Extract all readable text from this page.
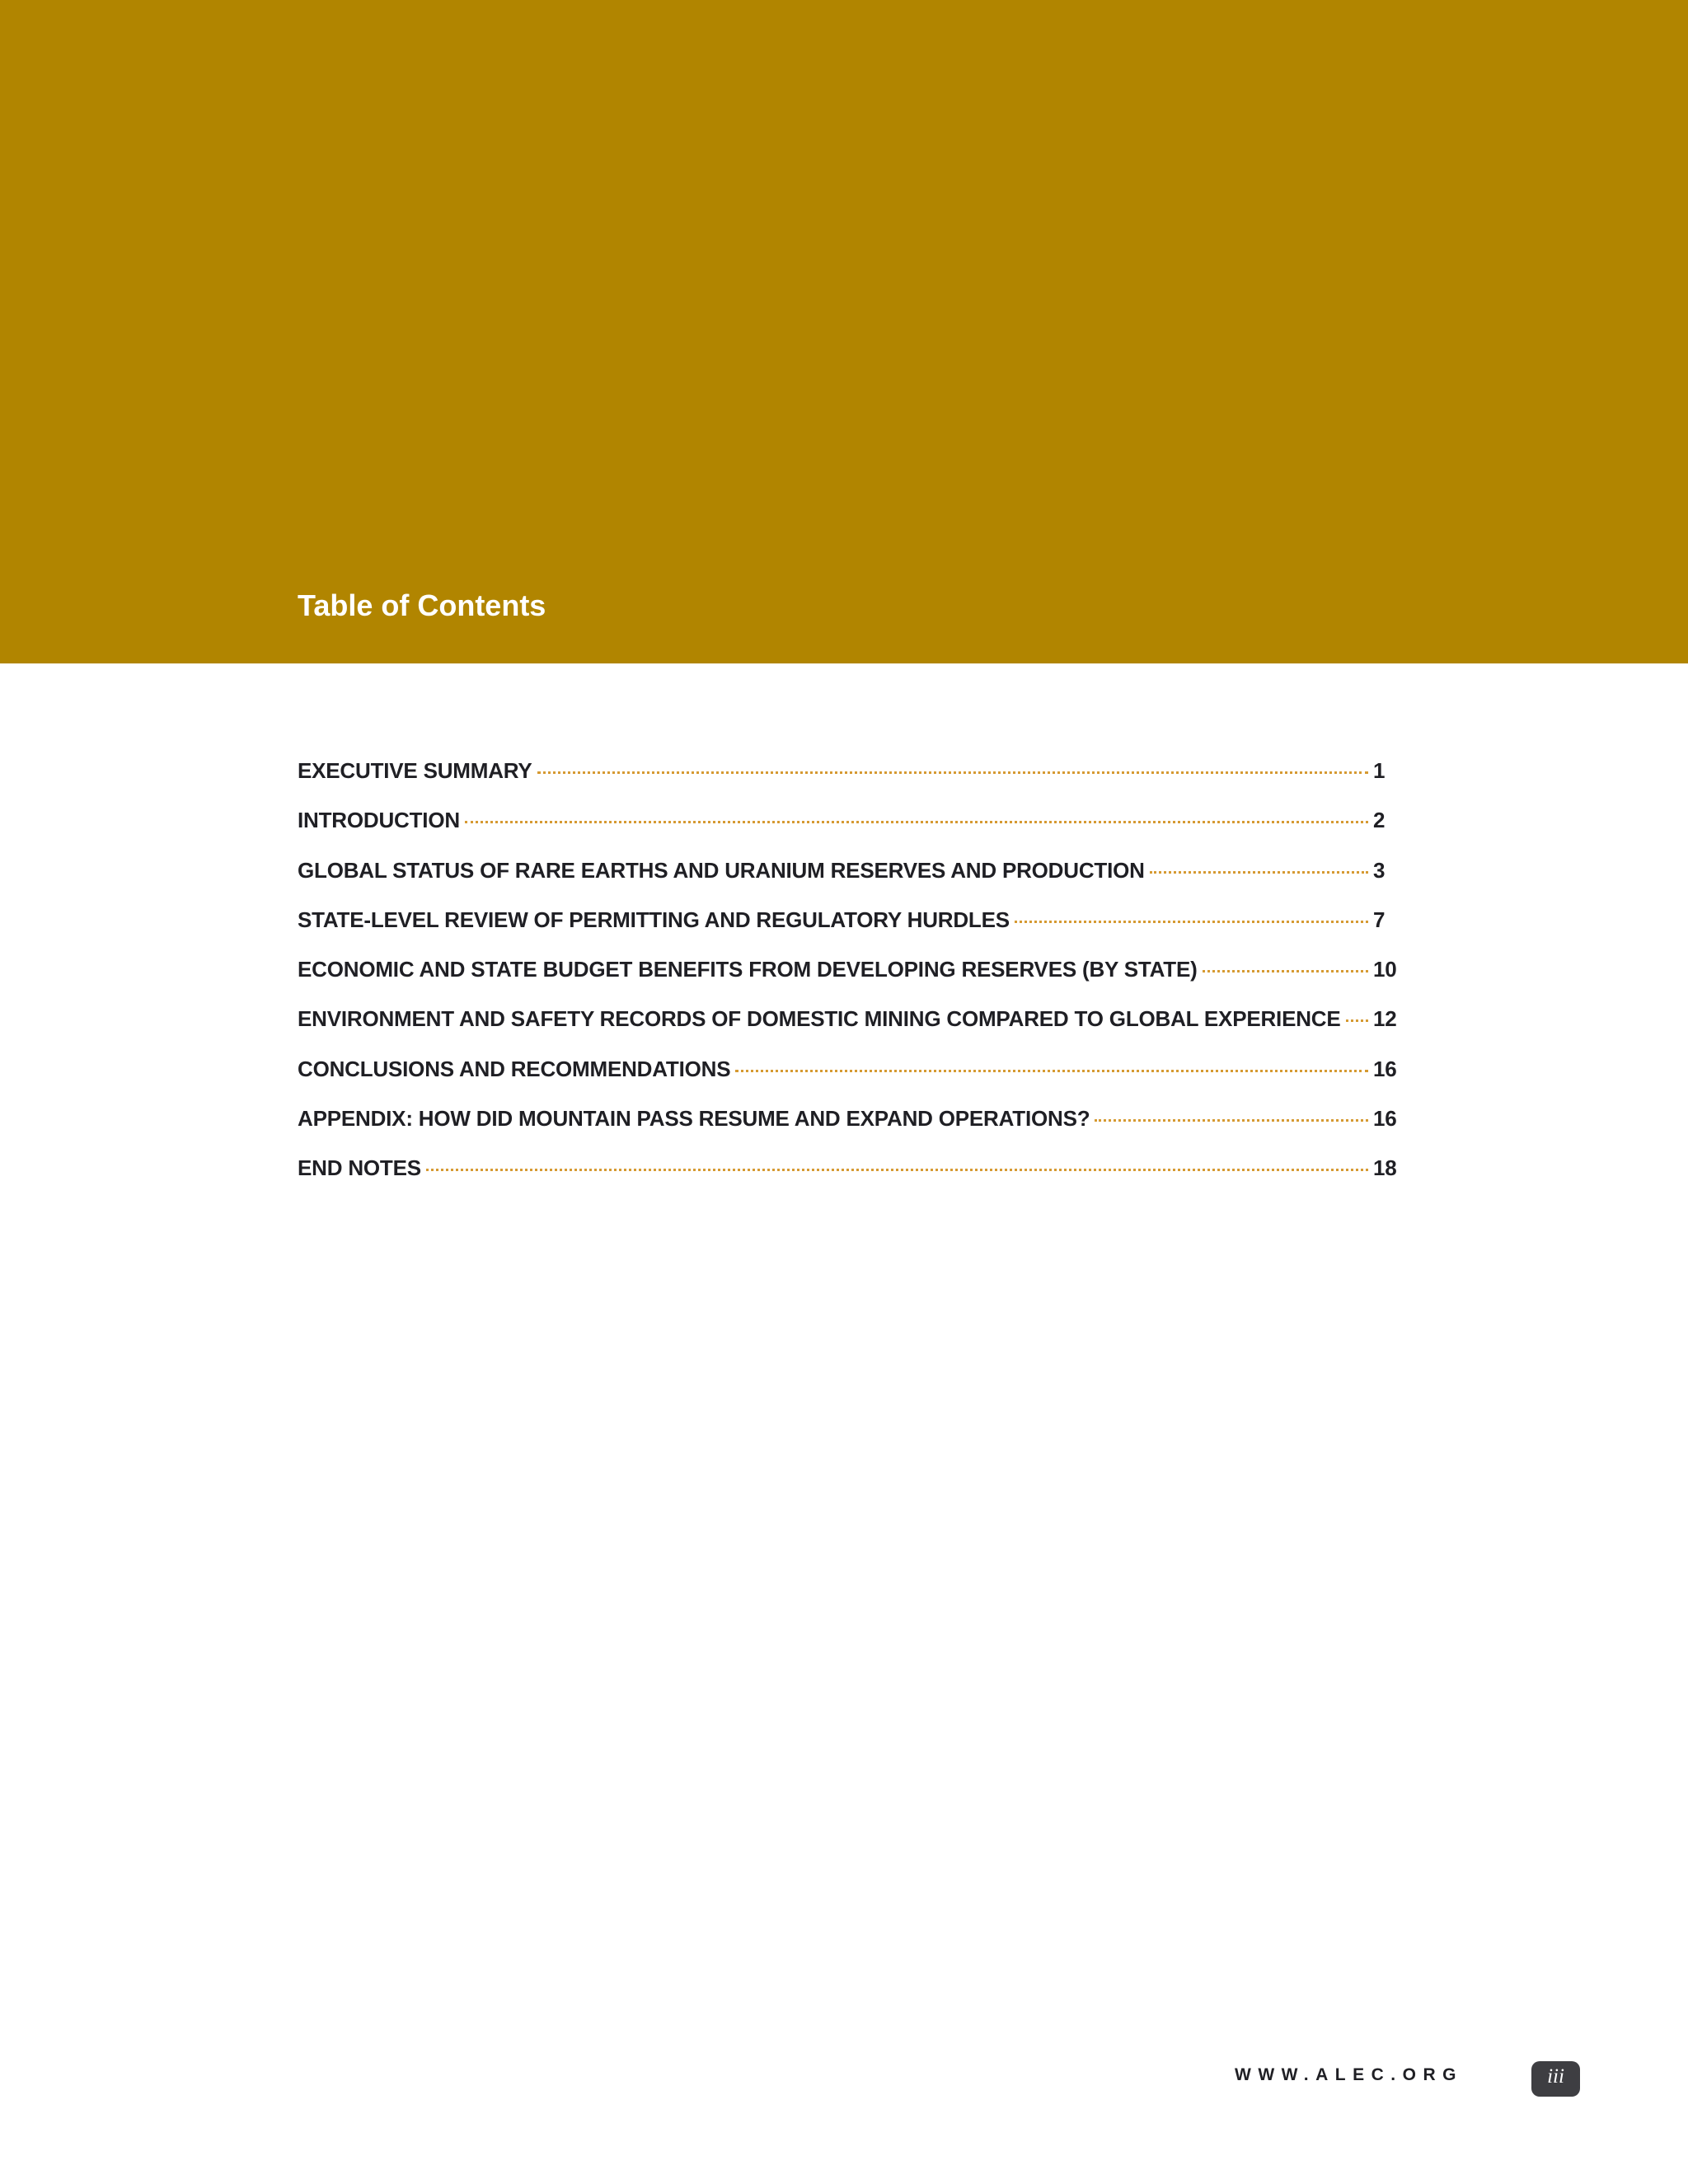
Table of Contents
EXECUTIVE SUMMARY	1
INTRODUCTION	2
GLOBAL STATUS OF RARE EARTHS AND URANIUM RESERVES AND PRODUCTION	3
STATE-LEVEL REVIEW OF PERMITTING AND REGULATORY HURDLES	7
ECONOMIC AND STATE BUDGET BENEFITS FROM DEVELOPING RESERVES (BY STATE)	10
ENVIRONMENT AND SAFETY RECORDS OF DOMESTIC MINING COMPARED TO GLOBAL EXPERIENCE 12
CONCLUSIONS AND RECOMMENDATIONS	16
APPENDIX: HOW DID MOUNTAIN PASS RESUME AND EXPAND OPERATIONS?	16
END NOTES	18
WWW.ALEC.ORG	iii
